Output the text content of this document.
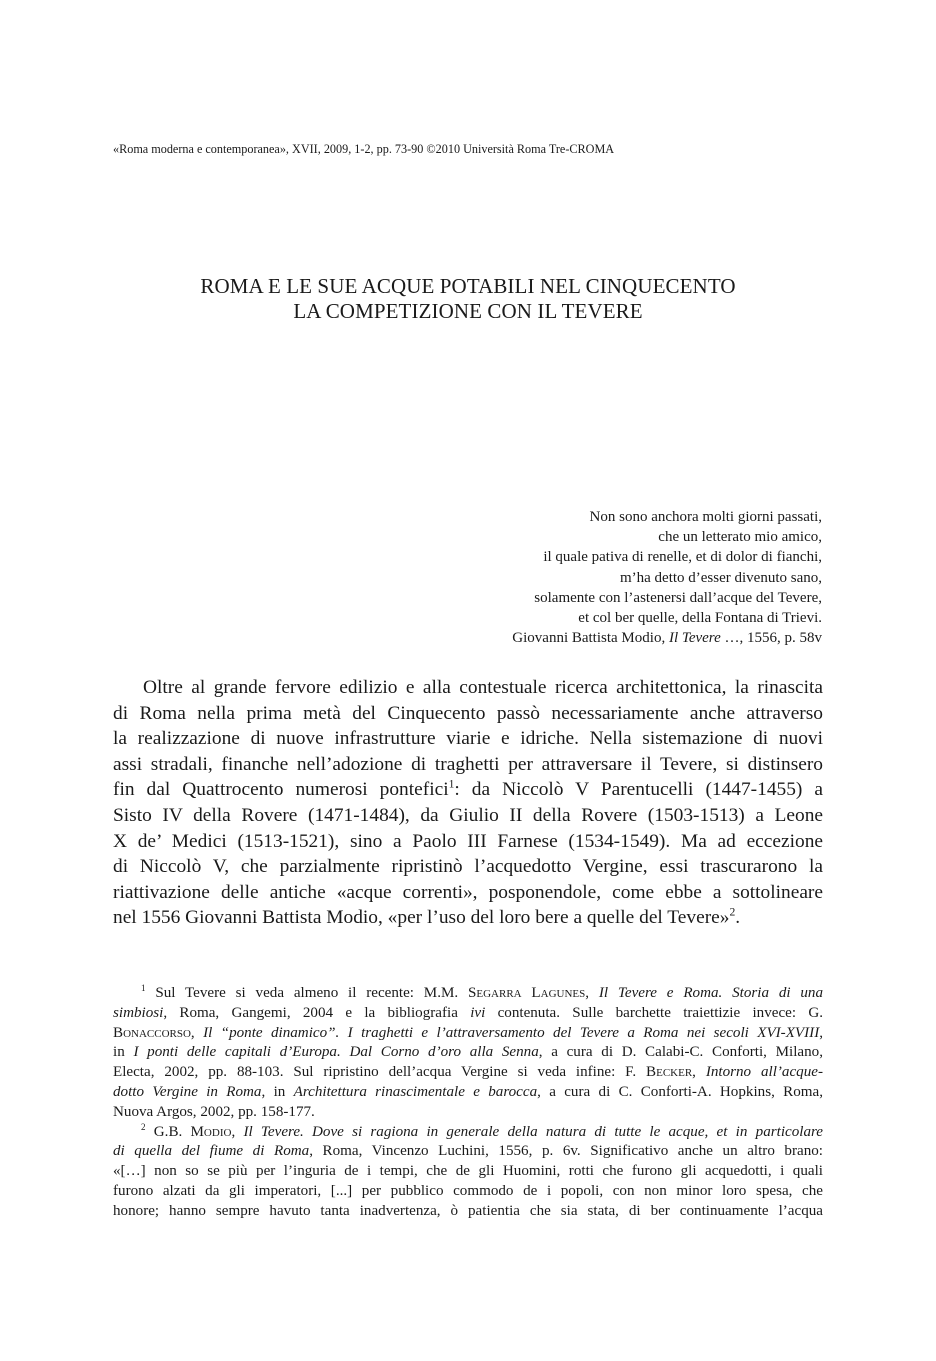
«Roma moderna e contemporanea», XVII, 2009, 1-2, pp. 73-90 ©2010 Università Roma Tre-CROMA
ROMA E LE SUE ACQUE POTABILI NEL CINQUECENTO
LA COMPETIZIONE CON IL TEVERE
Non sono anchora molti giorni passati,
che un letterato mio amico,
il quale pativa di renelle, et di dolor di fianchi,
m’ha detto d’esser divenuto sano,
solamente con l’astenersi dall’acque del Tevere,
et col ber quelle, della Fontana di Trievi.
Giovanni Battista Modio, Il Tevere …, 1556, p. 58v
Oltre al grande fervore edilizio e alla contestuale ricerca architettonica, la rinascita
di Roma nella prima metà del Cinquecento passò necessariamente anche attraverso
la realizzazione di nuove infrastrutture viarie e idriche. Nella sistemazione di nuovi
assi stradali, finanche nell’adozione di traghetti per attraversare il Tevere, si distinsero
fin dal Quattrocento numerosi pontefici$^1$: da Niccolò V Parentucelli (1447-1455) a
Sisto IV della Rovere (1471-1484), da Giulio II della Rovere (1503-1513) a Leone
X de’ Medici (1513-1521), sino a Paolo III Farnese (1534-1549). Ma ad eccezione
di Niccolò V, che parzialmente ripristinò l’acquedotto Vergine, essi trascurarono la
riattivazione delle antiche «acque correnti», posponendole, come ebbe a sottolineare
nel 1556 Giovanni Battista Modio, «per l’uso del loro bere a quelle del Tevere»$^2$.
$^1$ Sul Tevere si veda almeno il recente: M.M. Segarra Lagunes, Il Tevere e Roma. Storia di una
simbiosi, Roma, Gangemi, 2004 e la bibliografia ivi contenuta. Sulle barchette traiettizie invece: G.
Bonaccorso, Il “ponte dinamico”. I traghetti e l’attraversamento del Tevere a Roma nei secoli XVI-XVIII,
in I ponti delle capitali d’Europa. Dal Corno d’oro alla Senna, a cura di D. Calabi-C. Conforti, Milano,
Electa, 2002, pp. 88-103. Sul ripristino dell’acqua Vergine si veda infine: F. Becker, Intorno all’acque-
dotto Vergine in Roma, in Architettura rinascimentale e barocca, a cura di C. Conforti-A. Hopkins, Roma,
Nuova Argos, 2002, pp. 158-177.
$^2$ G.B. Modio, Il Tevere. Dove si ragiona in generale della natura di tutte le acque, et in particolare
di quella del fiume di Roma, Roma, Vincenzo Luchini, 1556, p. 6v. Significativo anche un altro brano:
«[…] non so se più per l’inguria de i tempi, che de gli Huomini, rotti che furono gli acquedotti, i quali
furono alzati da gli imperatori, [...] per pubblico commodo de i popoli, con non minor loro spesa, che
honore; hanno sempre havuto tanta inadvertenza, ò patientia che sia stata, di ber continuamente l’acqua
